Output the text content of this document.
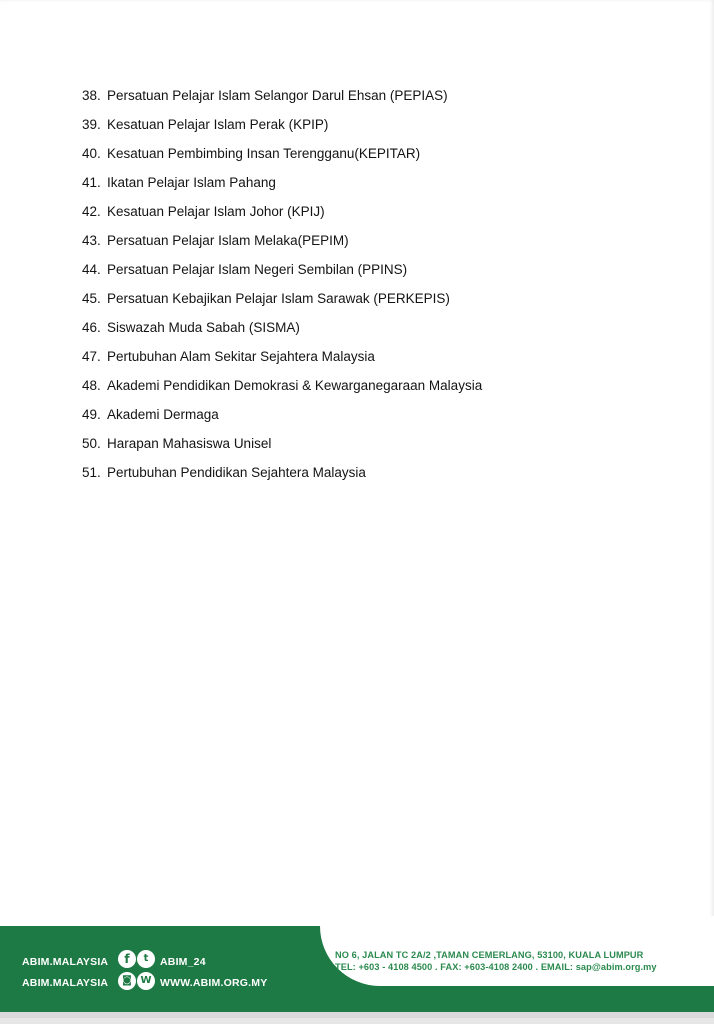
38. Persatuan Pelajar Islam Selangor Darul Ehsan (PEPIAS)
39. Kesatuan Pelajar Islam Perak (KPIP)
40. Kesatuan Pembimbing Insan Terengganu(KEPITAR)
41. Ikatan Pelajar Islam Pahang
42. Kesatuan Pelajar Islam Johor (KPIJ)
43. Persatuan Pelajar Islam Melaka(PEPIM)
44. Persatuan Pelajar Islam Negeri Sembilan (PPINS)
45. Persatuan Kebajikan Pelajar Islam Sarawak (PERKEPIS)
46. Siswazah Muda Sabah (SISMA)
47. Pertubuhan Alam Sekitar Sejahtera Malaysia
48. Akademi Pendidikan Demokrasi & Kewarganegaraan Malaysia
49. Akademi Dermaga
50. Harapan Mahasiswa Unisel
51. Pertubuhan Pendidikan Sejahtera Malaysia
ABIM.MALAYSIA	f	t	ABIM_24
ABIM.MALAYSIA	◙ W WWW.ABIM.ORG.MY
NO 6, JALAN TC 2A/2 ,TAMAN CEMERLANG, 53100, KUALA LUMPUR
TEL: +603 - 4108 4500 . FAX: +603-4108 2400 . EMAIL: sap@abim.org.my
